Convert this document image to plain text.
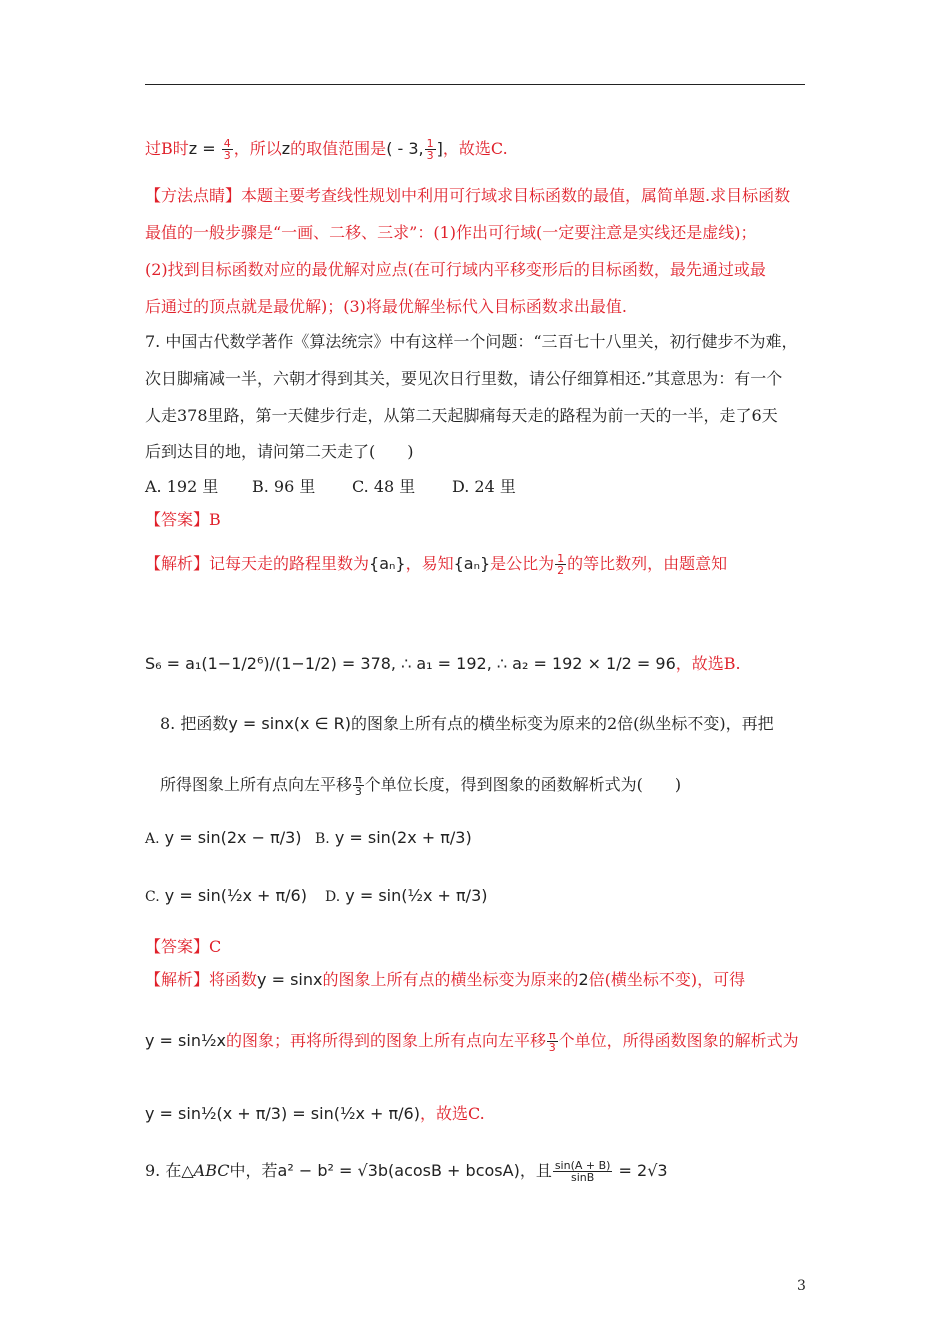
过B时$z = \frac{4}{3}$ ，所以z的取值范围是( - 3, $\frac{1}{3}$ ]，故选C.
【方法点睛】本题主要考查线性规划中利用可行域求目标函数的最值，属简单题.求目标函数
最值的一般步骤是“一画、二移、三求”：(1)作出可行域(一定要注意是实线还是虚线)；
(2)找到目标函数对应的最优解对应点(在可行域内平移变形后的目标函数，最先通过或最
后通过的顶点就是最优解)；(3)将最优解坐标代入目标函数求出最值.
7. 中国古代数学著作《算法统宗》中有这样一个问题：“三百七十八里关，初行健步不为难，
次日脚痛减一半，六朝才得到其关，要见次日行里数，请公仔细算相还.”其意思为：有一个
人走378里路，第一天健步行走，从第二天起脚痛每天走的路程为前一天的一半，走了6天
后到达目的地，请问第二天走了(　　)
A. 192 里 B. 96 里 C. 48 里 D. 24 里
【答案】B
【解析】记每天走的路程里数为{aₙ}，易知{aₙ}是公比为 $\frac{1}{2}$ 的等比数列，由题意知
S₆ = a₁(1−1/2⁶)/(1−1/2) = 378, ∴ a₁ = 192, ∴ a₂ = 192 × 1/2 = 96，故选B.
8. 把函数y = sinx(x ∈ R)的图象上所有点的横坐标变为原来的2倍(纵坐标不变)，再把
所得图象上所有点向左平移 $\frac{\pi}{3}$ 个单位长度，得到图象的函数解析式为(　　)
A. y = sin(2x − π/3) B. y = sin(2x + π/3)
C. y = sin(½x + π/6) D. y = sin(½x + π/3)
【答案】C
【解析】将函数y = sinx的图象上所有点的横坐标变为原来的2倍(横坐标不变)，可得
y = sin½x的图象；再将所得到的图象上所有点向左平移 $\frac{\pi}{3}$ 个单位，所得函数图象的解析式为
y = sin½(x + π/3) = sin(½x + π/6)，故选C.
9. 在△ABC中，若a² − b² = √3b(acosB + bcosA)，且 $\frac{\sin(A + B)}{\sin B} = 2√3$
3
